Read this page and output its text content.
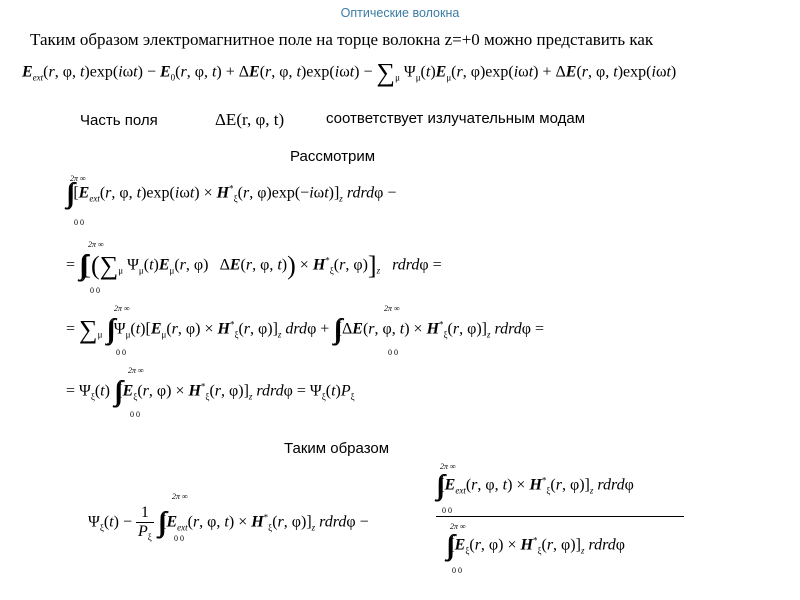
Оптические волокна
Таким образом электромагнитное поле на торце волокна z=+0 можно представить как
$E_{ext}(r$, φ, $t)\exp(i\omega t) - E_0(r$, φ, t) + ΔE(r, φ, $t)\exp(i\omega t) - \sum_\mu$ $\Psi_\mu(t)E_\mu(r$, φ)exp(iωt) + ΔE(r, φ, t)exp(iωt)
Часть поля	ΔE(r, φ, t)	соответствует излучательным модам
Рассмотрим
∫∫ [$E_{ext}(r$, φ, $t)\exp(i\omega t) \times H^*_\xi(r$, $\varphi)\exp(-i\omega t)]_z$ rdrdφ −
2π ∞
0 0
= $\int\int[(\sum_\mu$ $\Psi_\mu(t)E_\mu(r$, φ)   ΔE(r, φ, $t)) \times H^*_\xi(r$, $\varphi)]_z$ rdrdφ =
2π ∞
0 0
= $\sum_\mu$ ∫∫ $\Psi_\mu(t)[E_\mu(r$, $\varphi) \times H^*_\xi(r$, $\varphi)]_z$ drdφ + ∫∫[ΔE(r, φ, $t) \times H^*_\xi(r$, $\varphi)]_z$ rdrdφ =
2π ∞	2π ∞
0 0	0 0
= $\Psi_\xi(t)$ $\int\int[E_\xi(r$, $\varphi) \times H^*_\xi(r$, $\varphi)]_z$ rdrdφ = $\Psi_\xi(t)P_\xi$
2π ∞
0 0
Таким образом
$\Psi_\xi(t) - \frac{1}{P_\xi} \int\int[E_{ext}(r$, φ, $t) \times H^*_\xi(r$, $\varphi)]_z$ rdrdφ −
2π ∞
0 0
$\int\int[E_{ext}(r$, φ, $t) \times H^*_\xi(r$, $\varphi)]_z$ rdrdφ
2π ∞
0 0
$\int\int[E_\xi(r$, $\varphi) \times H^*_\xi(r$, $\varphi)]_z$ rdrdφ
2π ∞
0 0
